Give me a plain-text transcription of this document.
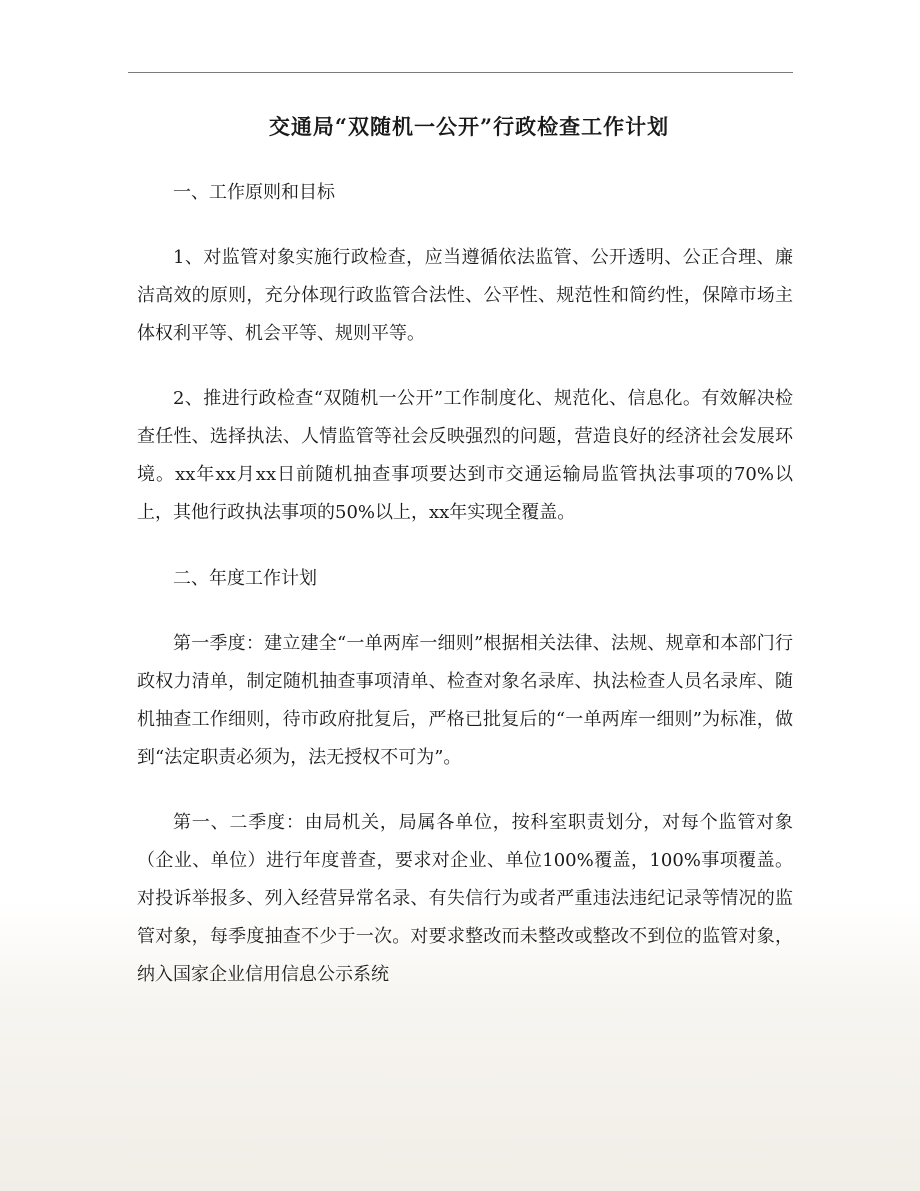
交通局“双随机一公开”行政检查工作计划

一、工作原则和目标

1、对监管对象实施行政检查，应当遵循依法监管、公开透明、公正合理、廉洁高效的原则，充分体现行政监管合法性、公平性、规范性和简约性，保障市场主体权利平等、机会平等、规则平等。

2、推进行政检查“双随机一公开”工作制度化、规范化、信息化。有效解决检查任性、选择执法、人情监管等社会反映强烈的问题，营造良好的经济社会发展环境。xx年xx月xx日前随机抽查事项要达到市交通运输局监管执法事项的70%以上，其他行政执法事项的50%以上，xx年实现全覆盖。

二、年度工作计划

第一季度：建立建全“一单两库一细则”根据相关法律、法规、规章和本部门行政权力清单，制定随机抽查事项清单、检查对象名录库、执法检查人员名录库、随机抽查工作细则，待市政府批复后，严格已批复后的“一单两库一细则”为标准，做到“法定职责必须为，法无授权不可为”。

第一、二季度：由局机关，局属各单位，按科室职责划分，对每个监管对象（企业、单位）进行年度普查，要求对企业、单位100%覆盖，100%事项覆盖。对投诉举报多、列入经营异常名录、有失信行为或者严重违法违纪记录等情况的监管对象，每季度抽查不少于一次。对要求整改而未整改或整改不到位的监管对象，纳入国家企业信用信息公示系统
